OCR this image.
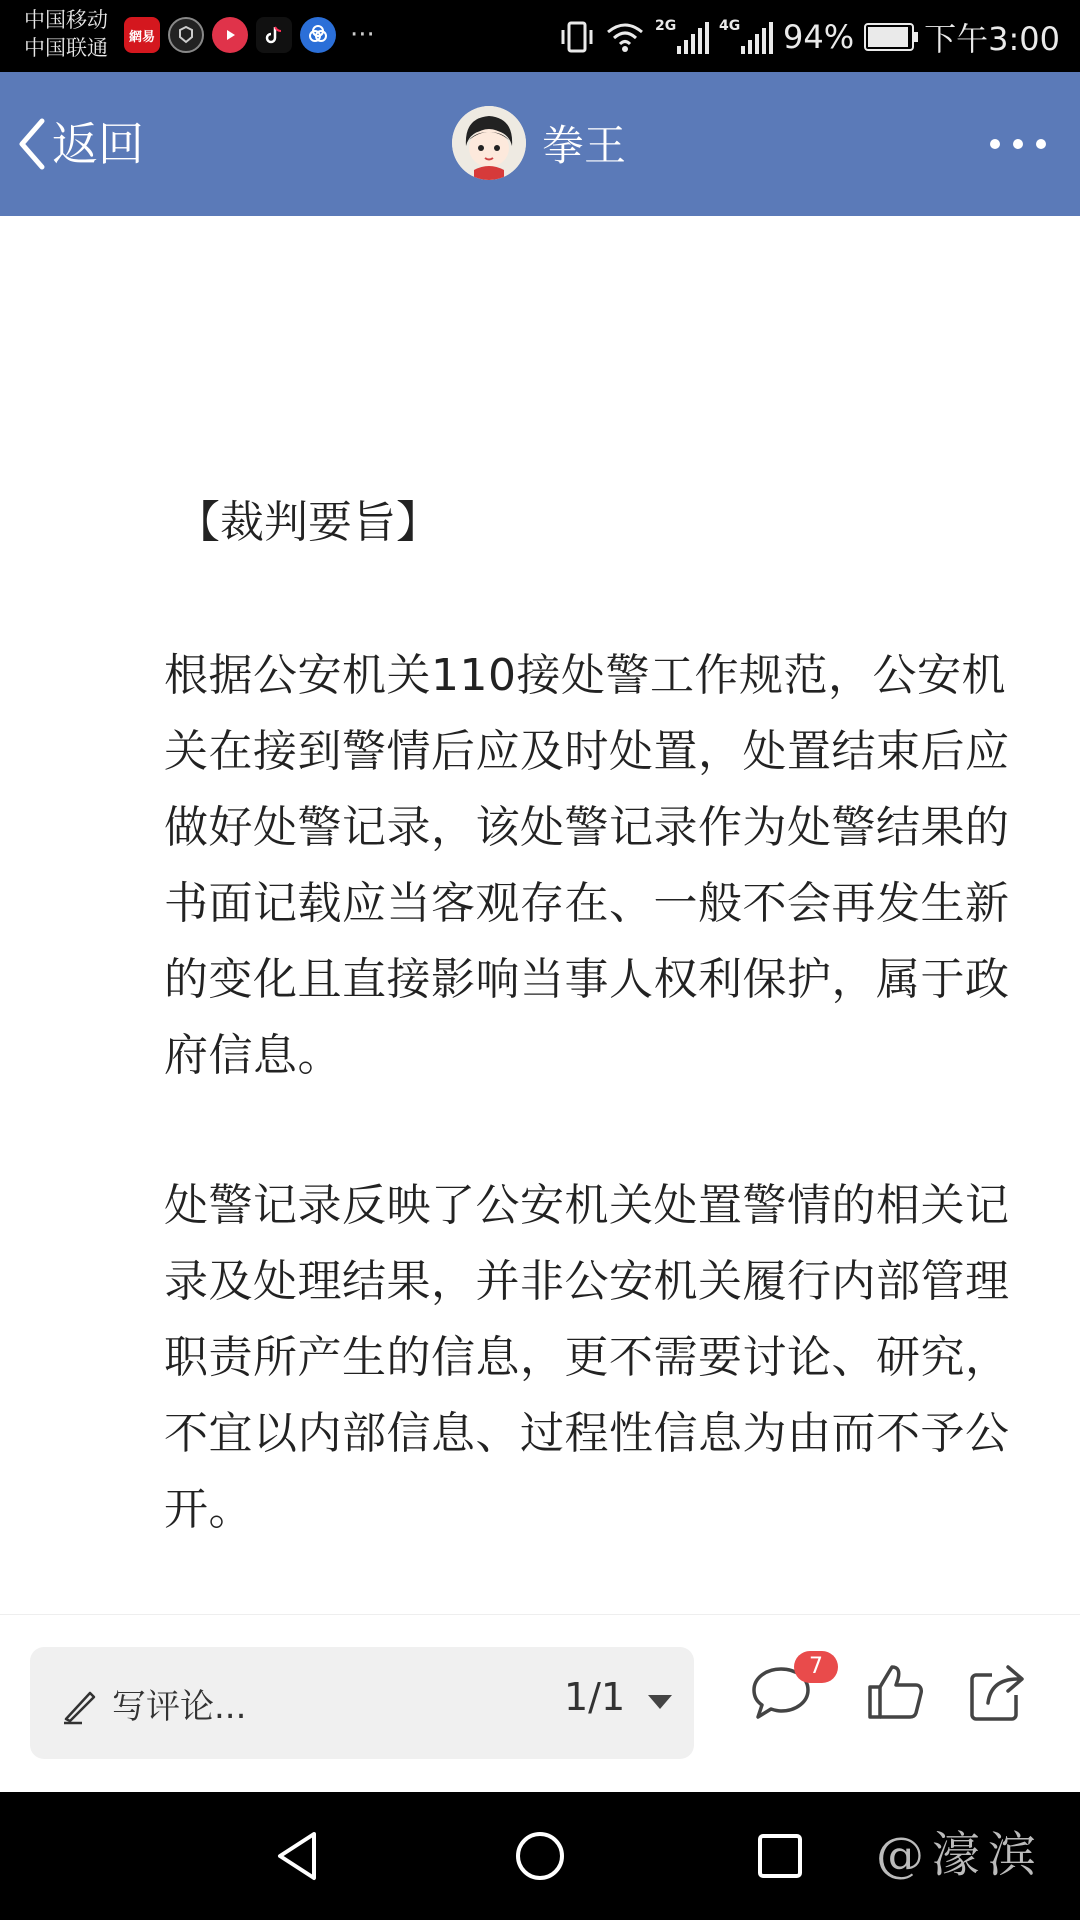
中国移动
中国联通	網易	···	2G	4G 94% 下午3:00
返回	拳王
【裁判要旨】

根据公安机关110接处警工作规范，公安机关在接到警情后应及时处置，处置结束后应做好处警记录，该处警记录作为处警结果的书面记载应当客观存在、一般不会再发生新的变化且直接影响当事人权利保护，属于政府信息。

处警记录反映了公安机关处置警情的相关记录及处理结果，并非公安机关履行内部管理职责所产生的信息，更不需要讨论、研究，不宜以内部信息、过程性信息为由而不予公开。

写评论...	1/1
7
@濠滨
